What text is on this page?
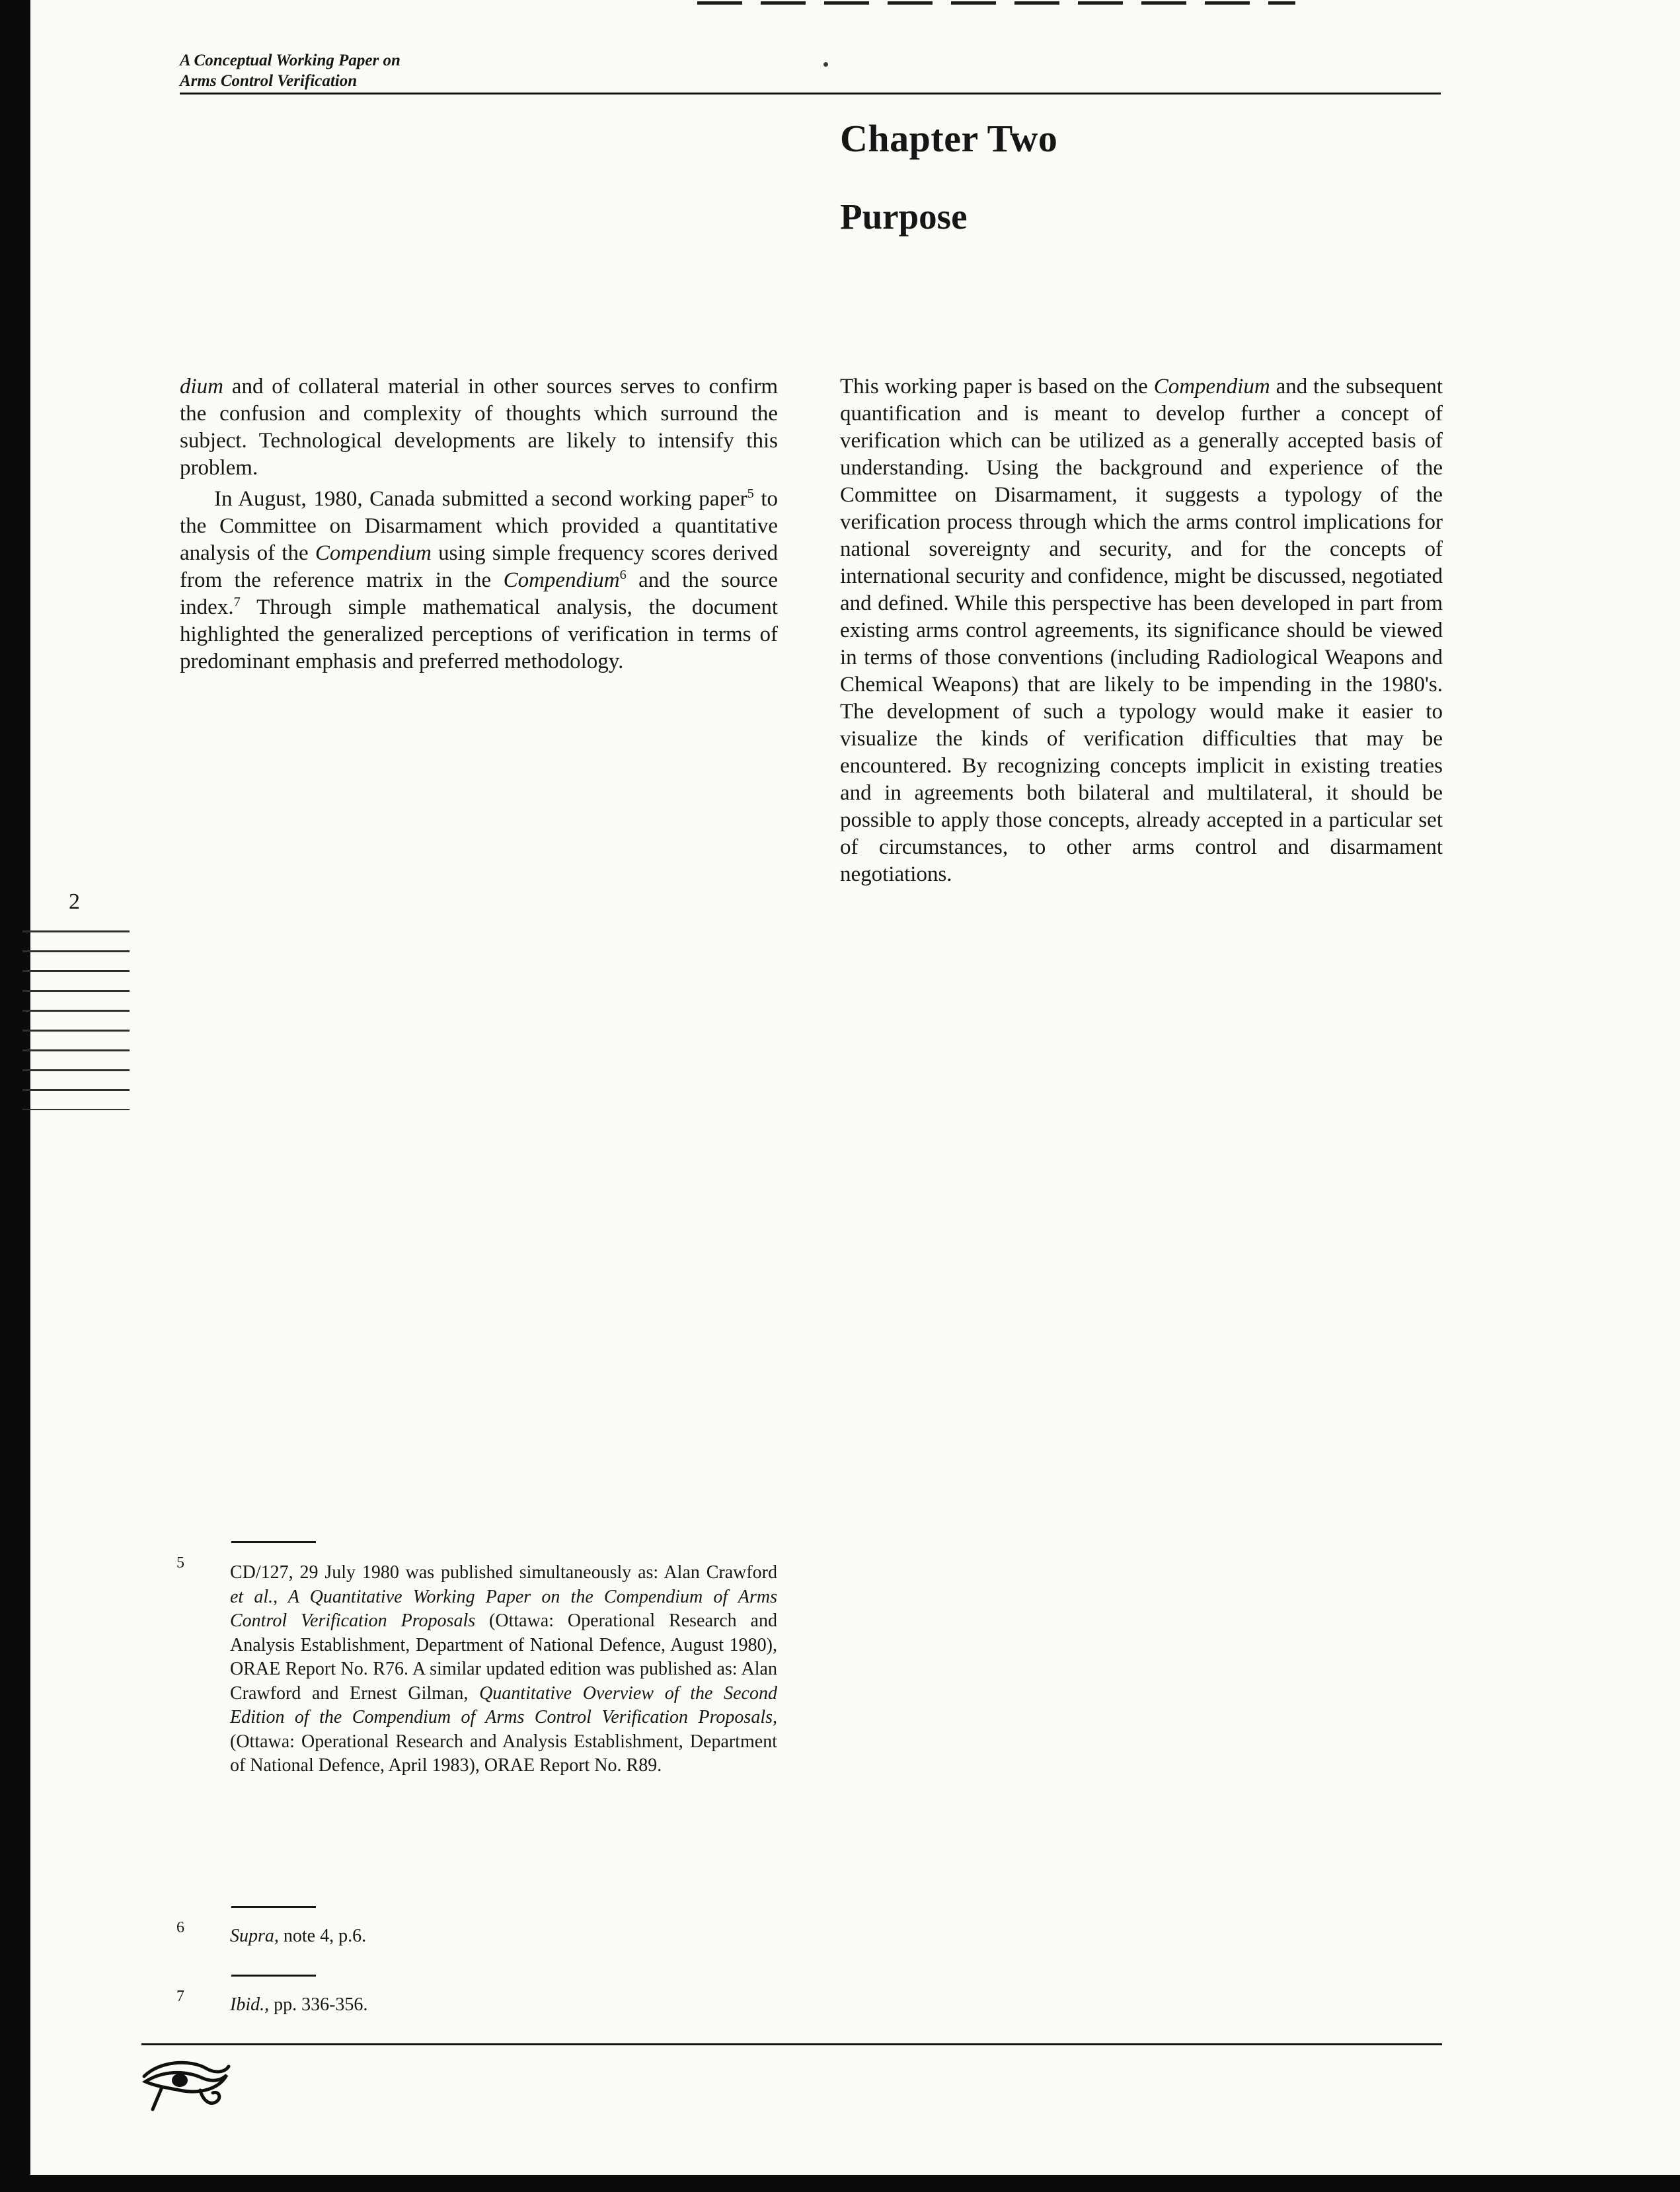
A Conceptual Working Paper on
Arms Control Verification
Chapter Two
Purpose

dium and of collateral material in other sources serves to confirm the confusion and complexity of thoughts which surround the subject. Technological developments are likely to intensify this problem.

In August, 1980, Canada submitted a second working paper$^5$ to the Committee on Disarmament which provided a quantitative analysis of the Compendium using simple frequency scores derived from the reference matrix in the Compendium$^6$ and the source index.$^7$ Through simple mathematical analysis, the document highlighted the generalized perceptions of verification in terms of predominant emphasis and preferred methodology.

This working paper is based on the Compendium and the subsequent quantification and is meant to develop further a concept of verification which can be utilized as a generally accepted basis of understanding. Using the background and experience of the Committee on Disarmament, it suggests a typology of the verification process through which the arms control implications for national sovereignty and security, and for the concepts of international security and confidence, might be discussed, negotiated and defined. While this perspective has been developed in part from existing arms control agreements, its significance should be viewed in terms of those conventions (including Radiological Weapons and Chemical Weapons) that are likely to be impending in the 1980's. The development of such a typology would make it easier to visualize the kinds of verification difficulties that may be encountered. By recognizing concepts implicit in existing treaties and in agreements both bilateral and multilateral, it should be possible to apply those concepts, already accepted in a particular set of circumstances, to other arms control and disarmament negotiations.

2
5 CD/127, 29 July 1980 was published simultaneously as: Alan Crawford et al., A Quantitative Working Paper on the Compendium of Arms Control Verification Proposals (Ottawa: Operational Research and Analysis Establishment, Department of National Defence, August 1980), ORAE Report No. R76. A similar updated edition was published as: Alan Crawford and Ernest Gilman, Quantitative Overview of the Second Edition of the Compendium of Arms Control Verification Proposals, (Ottawa: Operational Research and Analysis Establishment, Department of National Defence, April 1983), ORAE Report No. R89.
6 Supra, note 4, p.6.
7 Ibid., pp. 336-356.
